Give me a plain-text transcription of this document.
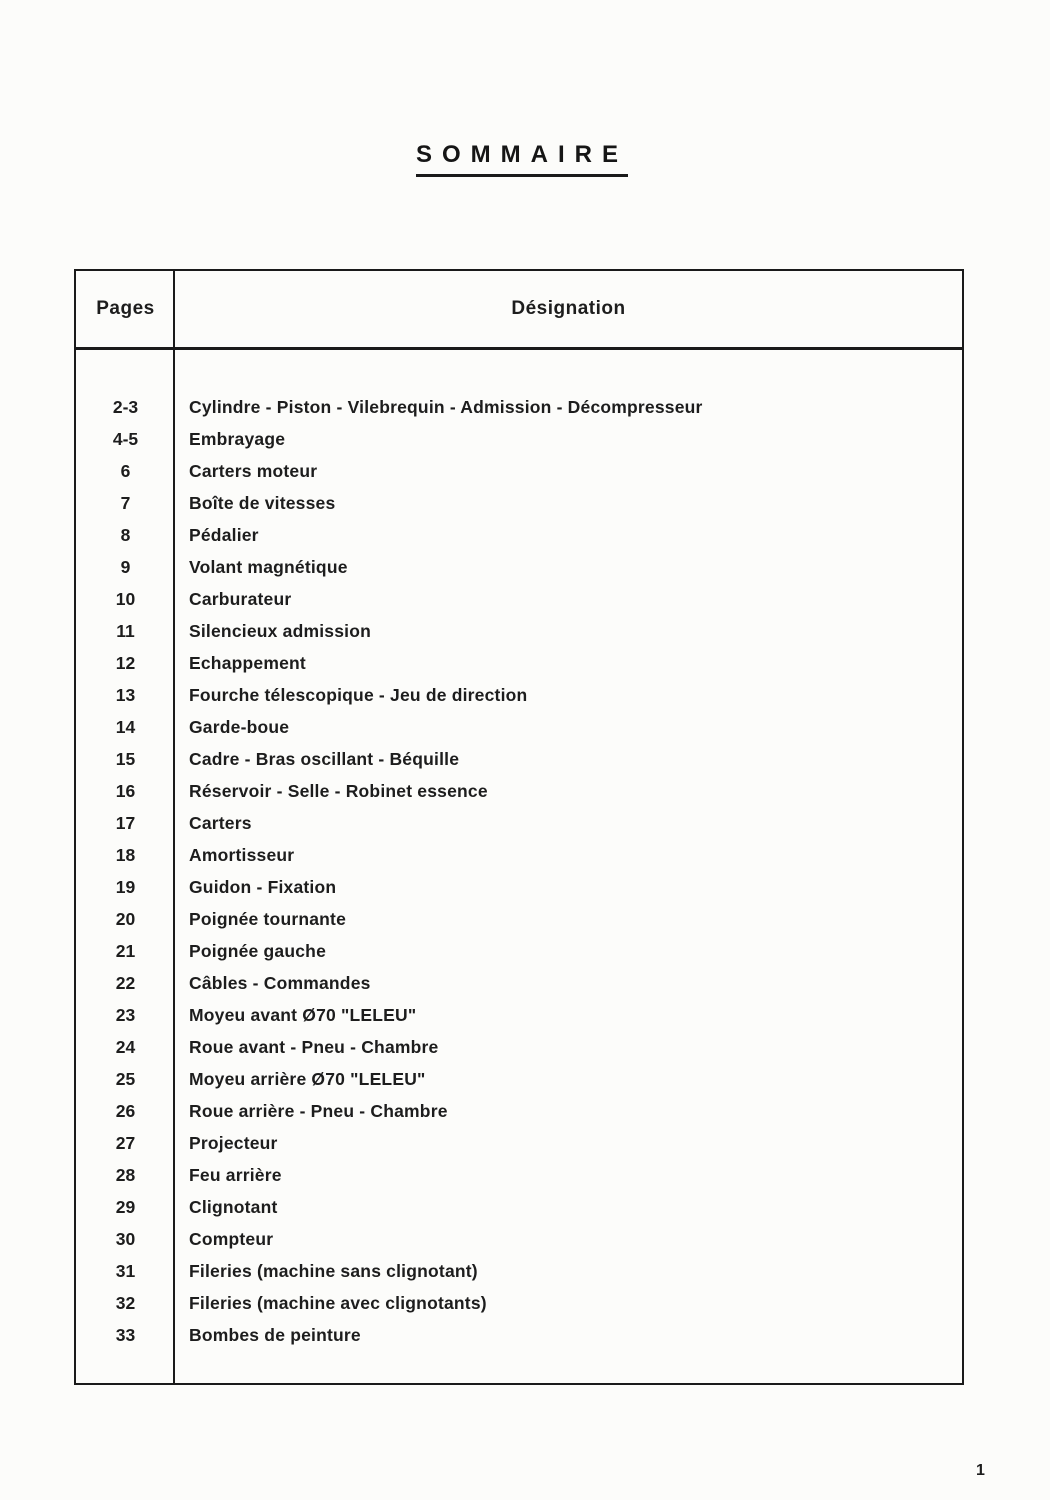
SOMMAIRE
Pages	Désignation
2-3	Cylindre - Piston - Vilebrequin - Admission - Décompresseur
4-5	Embrayage
6	Carters moteur
7	Boîte de vitesses
8	Pédalier
9	Volant magnétique
10	Carburateur
11	Silencieux admission
12	Echappement
13	Fourche télescopique - Jeu de direction
14	Garde-boue
15	Cadre - Bras oscillant - Béquille
16	Réservoir - Selle - Robinet essence
17	Carters
18	Amortisseur
19	Guidon - Fixation
20	Poignée tournante
21	Poignée gauche
22	Câbles - Commandes
23	Moyeu avant Ø70 "LELEU"
24	Roue avant - Pneu - Chambre
25	Moyeu arrière Ø70 "LELEU"
26	Roue arrière - Pneu - Chambre
27	Projecteur
28	Feu arrière
29	Clignotant
30	Compteur
31	Fileries (machine sans clignotant)
32	Fileries (machine avec clignotants)
33	Bombes de peinture
1
